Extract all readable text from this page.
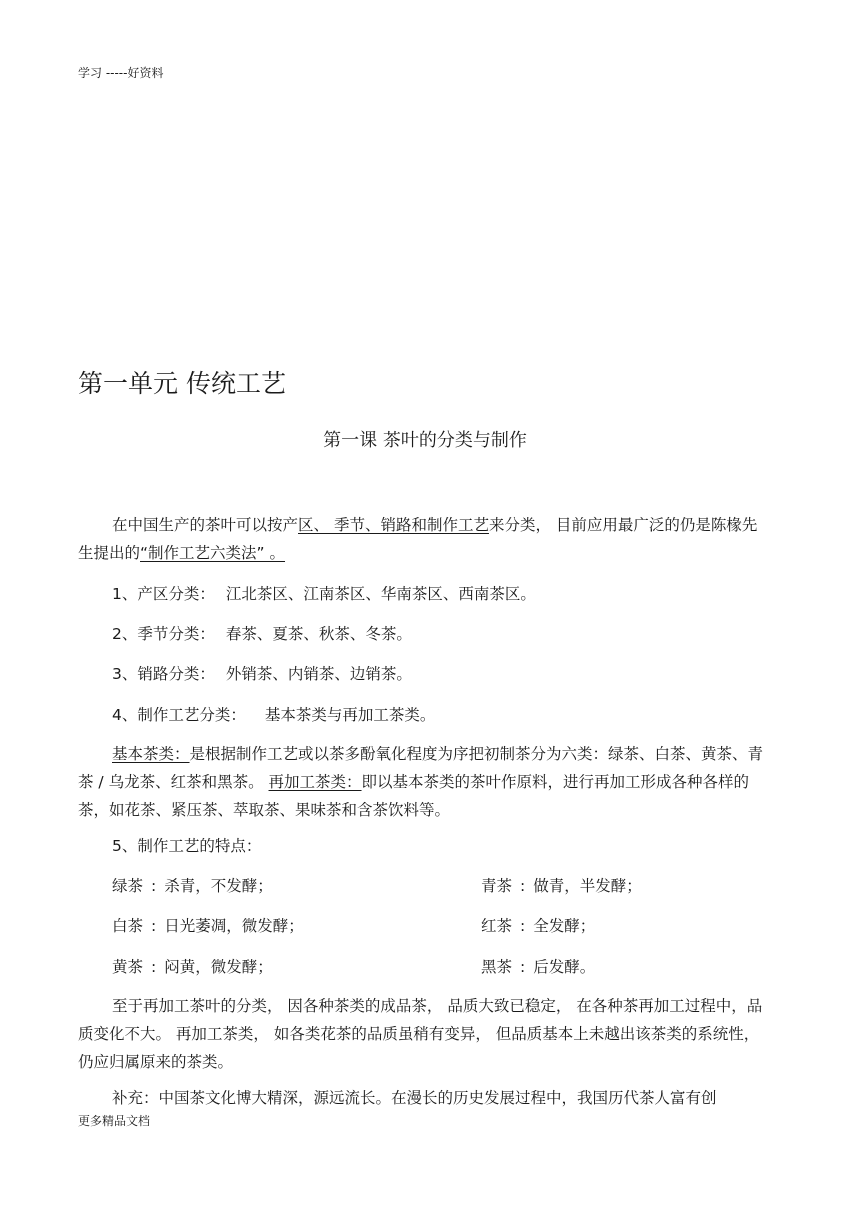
学习 -----好资料
第一单元 传统工艺
第一课 茶叶的分类与制作
在中国生产的茶叶可以按产区、 季节、销路和制作工艺来分类， 目前应用最广泛的仍是陈椽先生提出的“制作工艺六类法” 。
1、产区分类： 江北茶区、江南茶区、华南茶区、西南茶区。
2、季节分类： 春茶、夏茶、秋茶、冬茶。
3、销路分类： 外销茶、内销茶、边销茶。
4、制作工艺分类： 基本茶类与再加工茶类。
基本茶类：是根据制作工艺或以茶多酚氧化程度为序把初制茶分为六类：绿茶、白茶、黄茶、青茶 / 乌龙茶、红茶和黑茶。 再加工茶类：即以基本茶类的茶叶作原料，进行再加工形成各种各样的茶，如花茶、紧压茶、萃取茶、果味茶和含茶饮料等。
5、制作工艺的特点：
绿茶 : 杀青，不发酵；
白茶 : 日光萎凋，微发酵；
黄茶 : 闷黄，微发酵；
青茶 : 做青，半发酵；
红茶 : 全发酵；
黑茶 : 后发酵。
至于再加工茶叶的分类， 因各种茶类的成品茶， 品质大致已稳定， 在各种茶再加工过程中，品质变化不大。 再加工茶类， 如各类花茶的品质虽稍有变异， 但品质基本上未越出该茶类的系统性，仍应归属原来的茶类。
补充：中国茶文化博大精深，源远流长。在漫长的历史发展过程中，我国历代茶人富有创
更多精品文档
